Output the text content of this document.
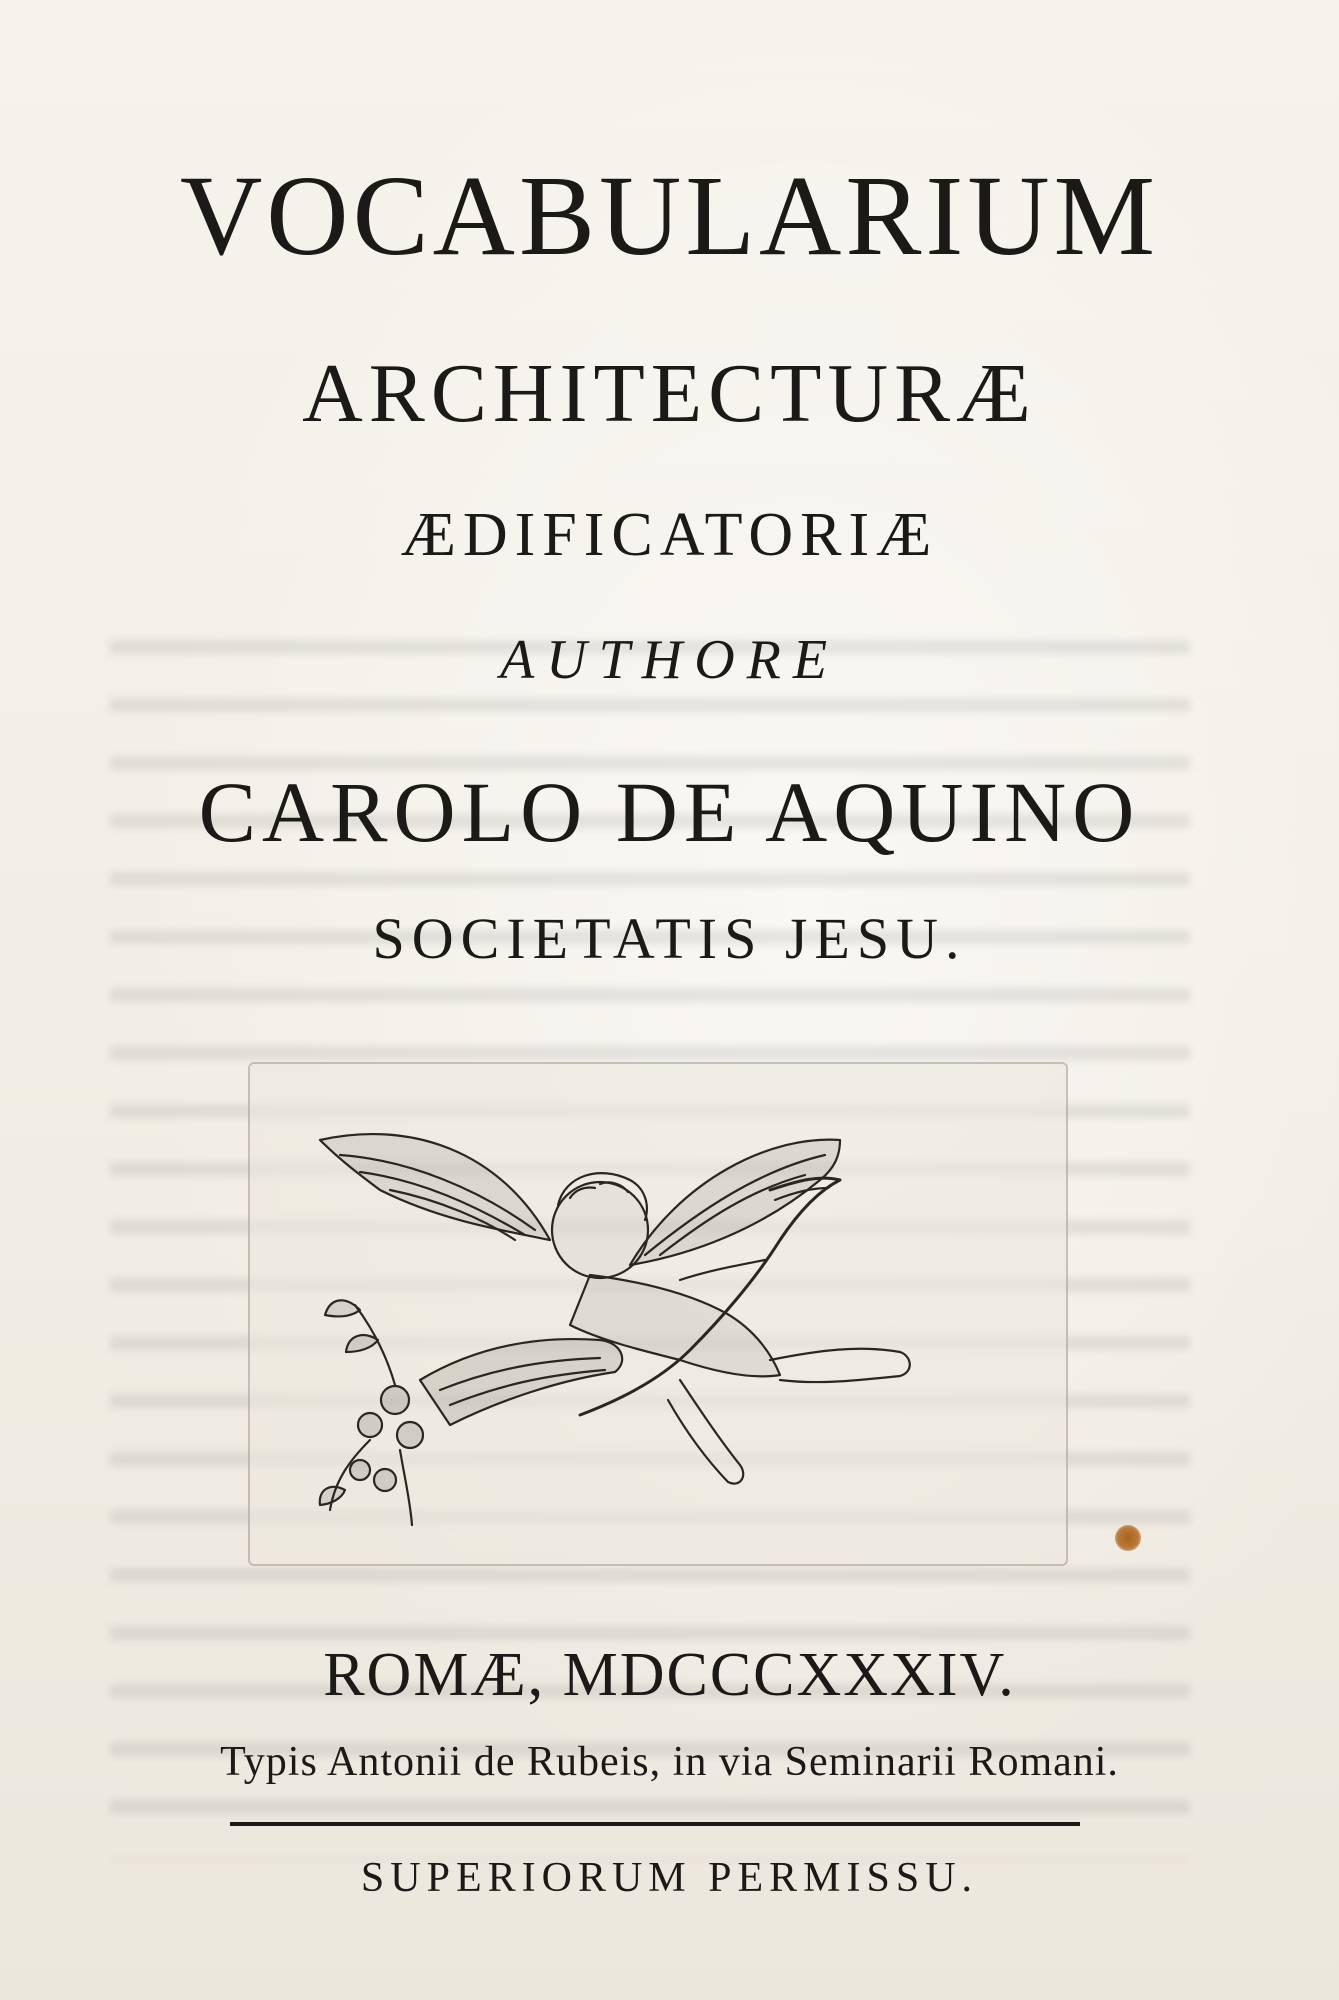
VOCABULARIUM
ARCHITECTURÆ
ÆDIFICATORIÆ
AUTHORE
CAROLO DE AQUINO
SOCIETATIS JESU.
ROMÆ, MDCCCXXXIV.
Typis Antonii de Rubeis, in via Seminarii Romani.
SUPERIORUM PERMISSU.
